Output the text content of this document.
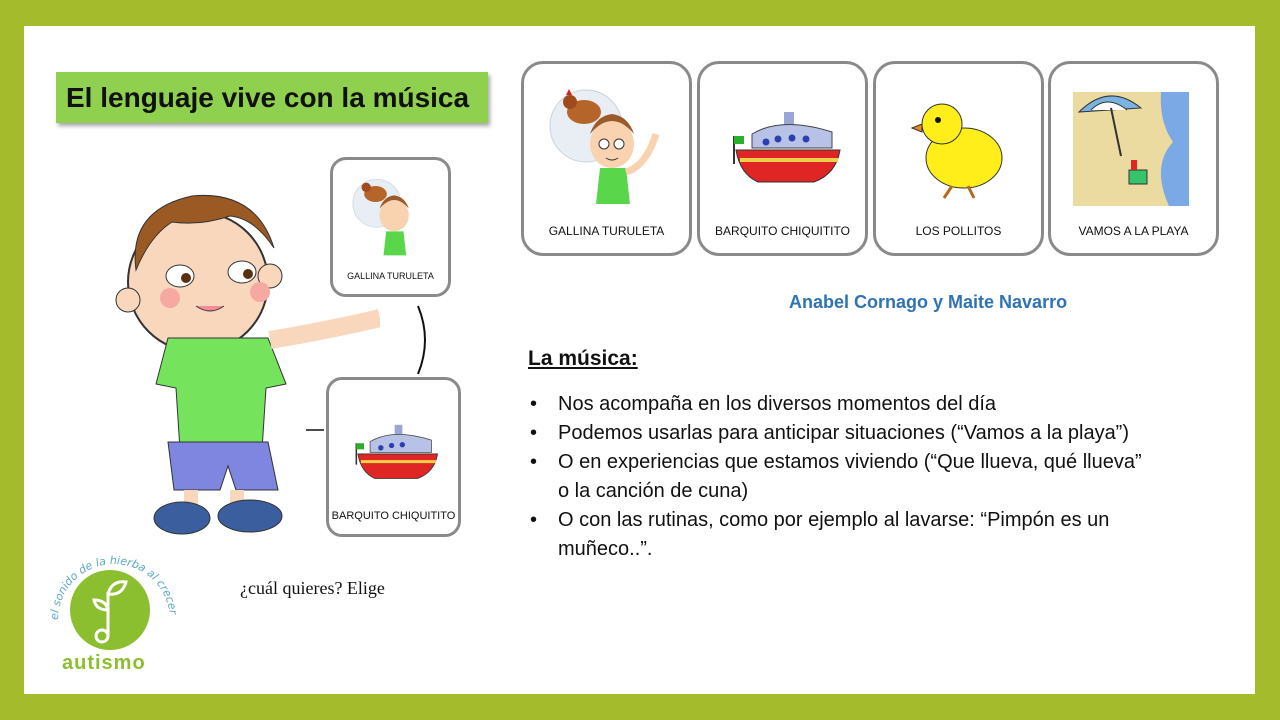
El lenguaje vive con la música
GALLINA TURULETA	BARQUITO CHIQUITITO	LOS POLLITOS	VAMOS A LA PLAYA
GALLINA TURULETA
BARQUITO CHIQUITITO
Anabel Cornago y Maite Navarro
La música:
• Nos acompaña en los diversos momentos del día
• Podemos usarlas para anticipar situaciones (“Vamos a la playa”)
• O en experiencias que estamos viviendo (“Que llueva, qué llueva” o la canción de cuna)
• O con las rutinas, como por ejemplo al lavarse: “Pimpón es un muñeco..”.
¿cuál quieres? Elige
el sonido de la hierba al crecer
autismo
